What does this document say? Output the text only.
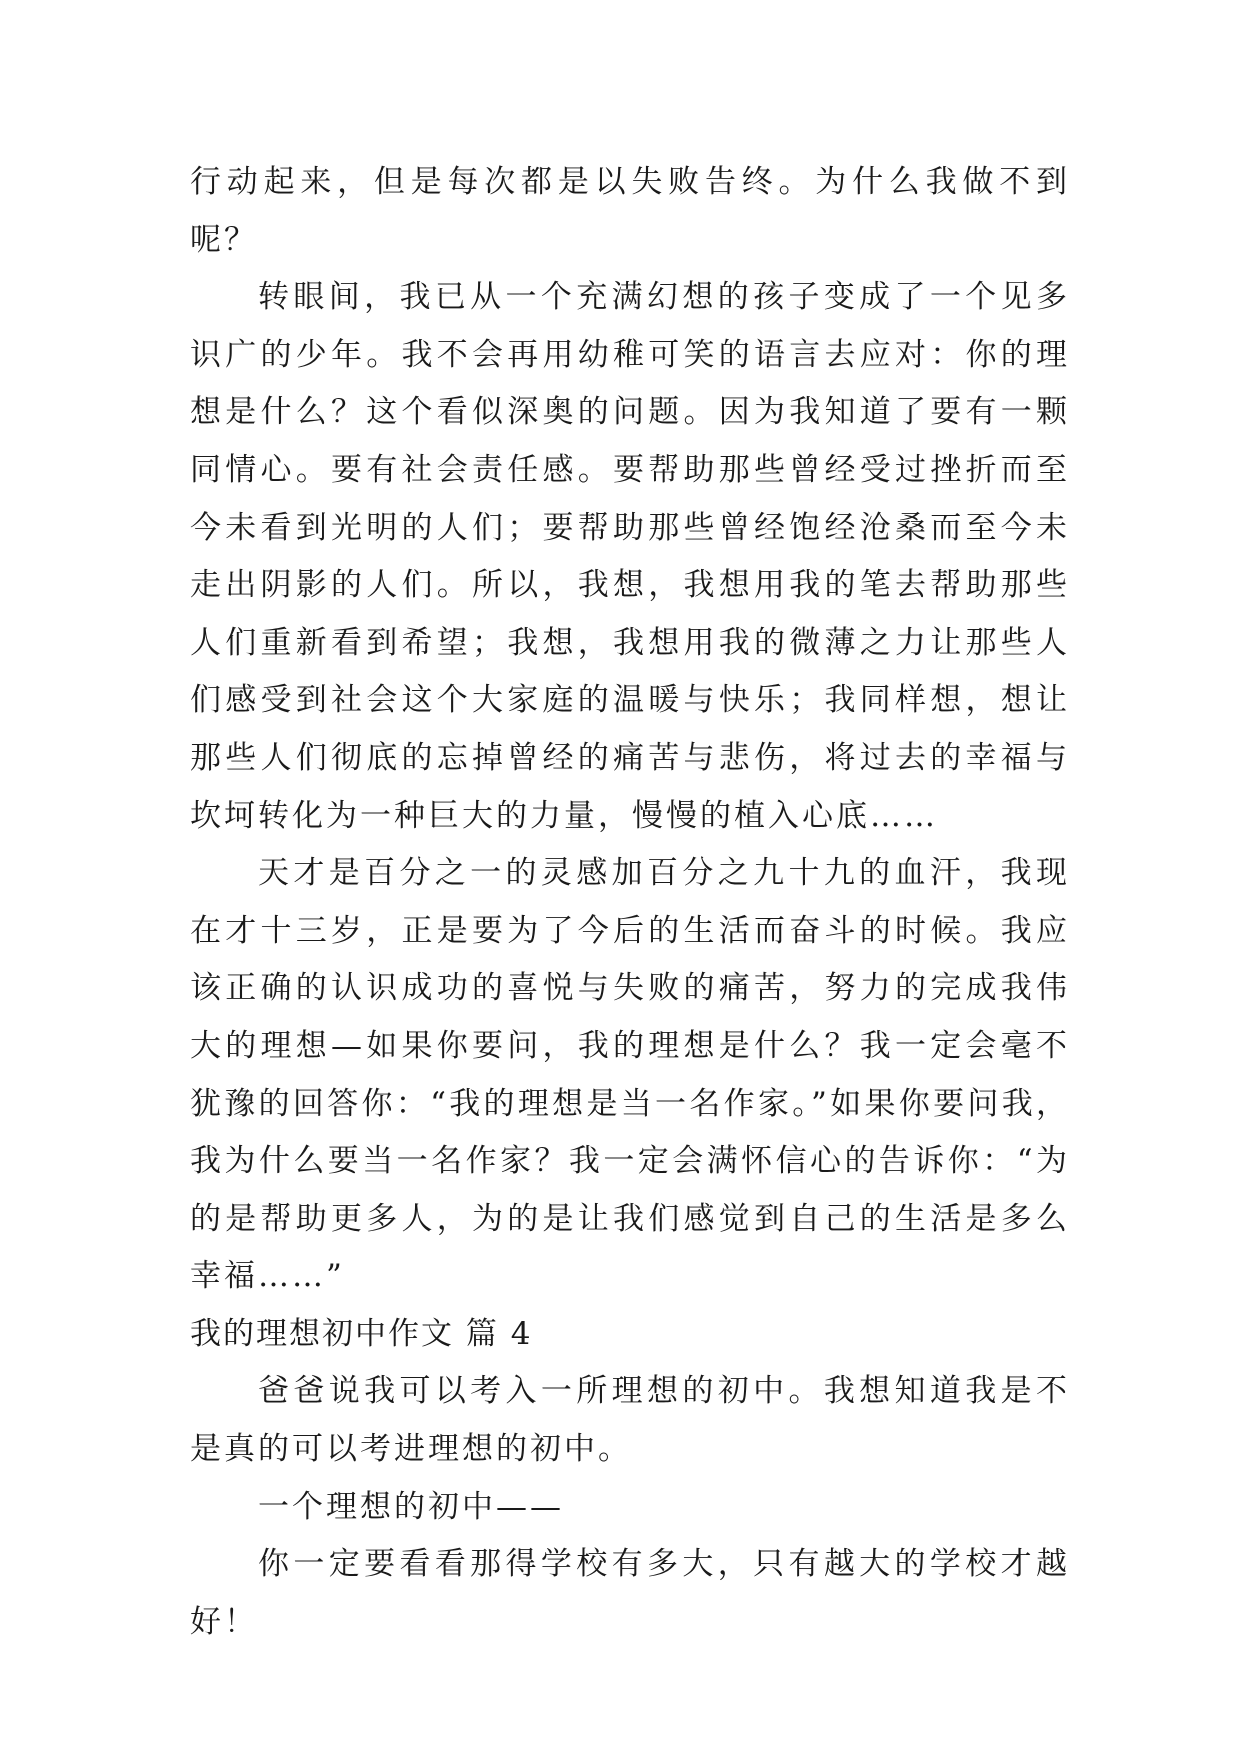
行动起来，但是每次都是以失败告终。为什么我做不到呢？

转眼间，我已从一个充满幻想的孩子变成了一个见多识广的少年。我不会再用幼稚可笑的语言去应对：你的理想是什么？这个看似深奥的问题。因为我知道了要有一颗同情心。要有社会责任感。要帮助那些曾经受过挫折而至今未看到光明的人们；要帮助那些曾经饱经沧桑而至今未走出阴影的人们。所以，我想，我想用我的笔去帮助那些人们重新看到希望；我想，我想用我的微薄之力让那些人们感受到社会这个大家庭的温暖与快乐；我同样想，想让那些人们彻底的忘掉曾经的痛苦与悲伤，将过去的幸福与坎坷转化为一种巨大的力量，慢慢的植入心底……

天才是百分之一的灵感加百分之九十九的血汗，我现在才十三岁，正是要为了今后的生活而奋斗的时候。我应该正确的认识成功的喜悦与失败的痛苦，努力的完成我伟大的理想—如果你要问，我的理想是什么？我一定会毫不犹豫的回答你：“我的理想是当一名作家。”如果你要问我，我为什么要当一名作家？我一定会满怀信心的告诉你：“为的是帮助更多人，为的是让我们感觉到自己的生活是多么幸福……”

我的理想初中作文 篇 4

爸爸说我可以考入一所理想的初中。我想知道我是不是真的可以考进理想的初中。

一个理想的初中——

你一定要看看那得学校有多大，只有越大的学校才越好！
